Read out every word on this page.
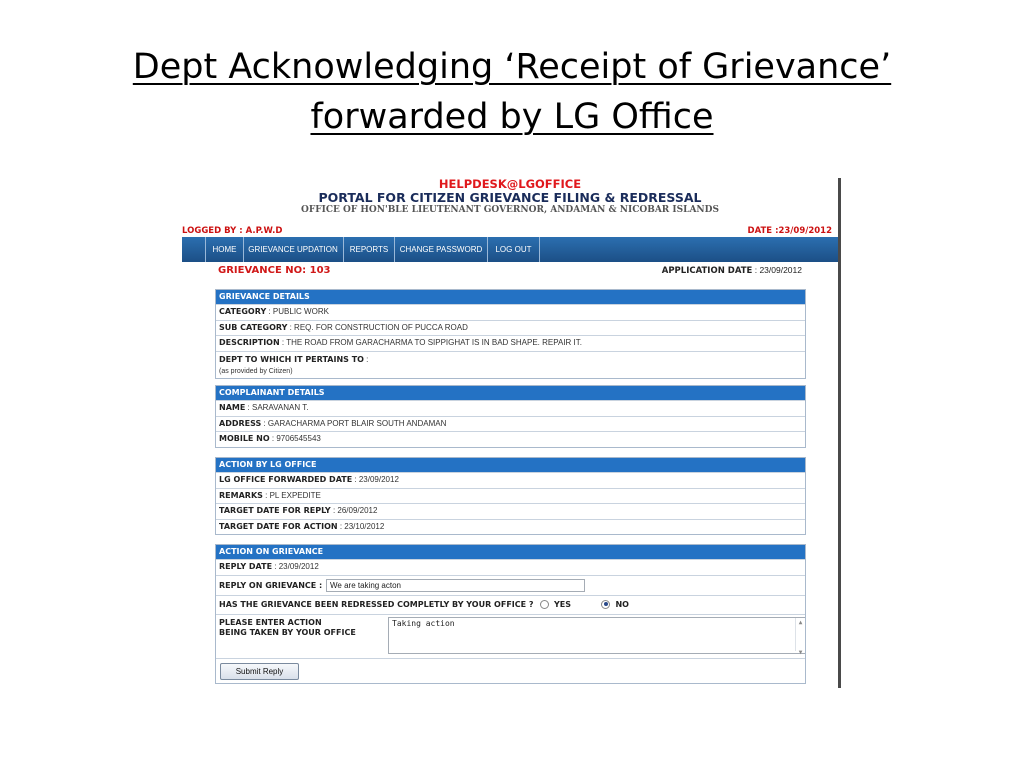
Dept Acknowledging ‘Receipt of Grievance’
forwarded by LG Office
HELPDESK@LGOFFICE
PORTAL FOR CITIZEN GRIEVANCE FILING & REDRESSAL
OFFICE OF HON'BLE LIEUTENANT GOVERNOR, ANDAMAN & NICOBAR ISLANDS
LOGGED BY : A.P.W.D	DATE :23/09/2012
HOME	GRIEVANCE UPDATION	REPORTS	CHANGE PASSWORD	LOG OUT
GRIEVANCE NO: 103	APPLICATION DATE : 23/09/2012
GRIEVANCE DETAILS
CATEGORY : PUBLIC WORK
SUB CATEGORY : REQ. FOR CONSTRUCTION OF PUCCA ROAD
DESCRIPTION : THE ROAD FROM GARACHARMA TO SIPPIGHAT IS IN BAD SHAPE. REPAIR IT.
DEPT TO WHICH IT PERTAINS TO :
(as provided by Citizen)
COMPLAINANT DETAILS
NAME : SARAVANAN T.
ADDRESS : GARACHARMA PORT BLAIR SOUTH ANDAMAN
MOBILE NO : 9706545543
ACTION BY LG OFFICE
LG OFFICE FORWARDED DATE : 23/09/2012
REMARKS : PL EXPEDITE
TARGET DATE FOR REPLY : 26/09/2012
TARGET DATE FOR ACTION : 23/10/2012
ACTION ON GRIEVANCE
REPLY DATE : 23/09/2012
REPLY ON GRIEVANCE : We are taking acton
HAS THE GRIEVANCE BEEN REDRESSED COMPLETLY BY YOUR OFFICE ?	YES	NO
PLEASE ENTER ACTION
BEING TAKEN BY YOUR OFFICE
Taking action	▲

▼
Submit Reply
